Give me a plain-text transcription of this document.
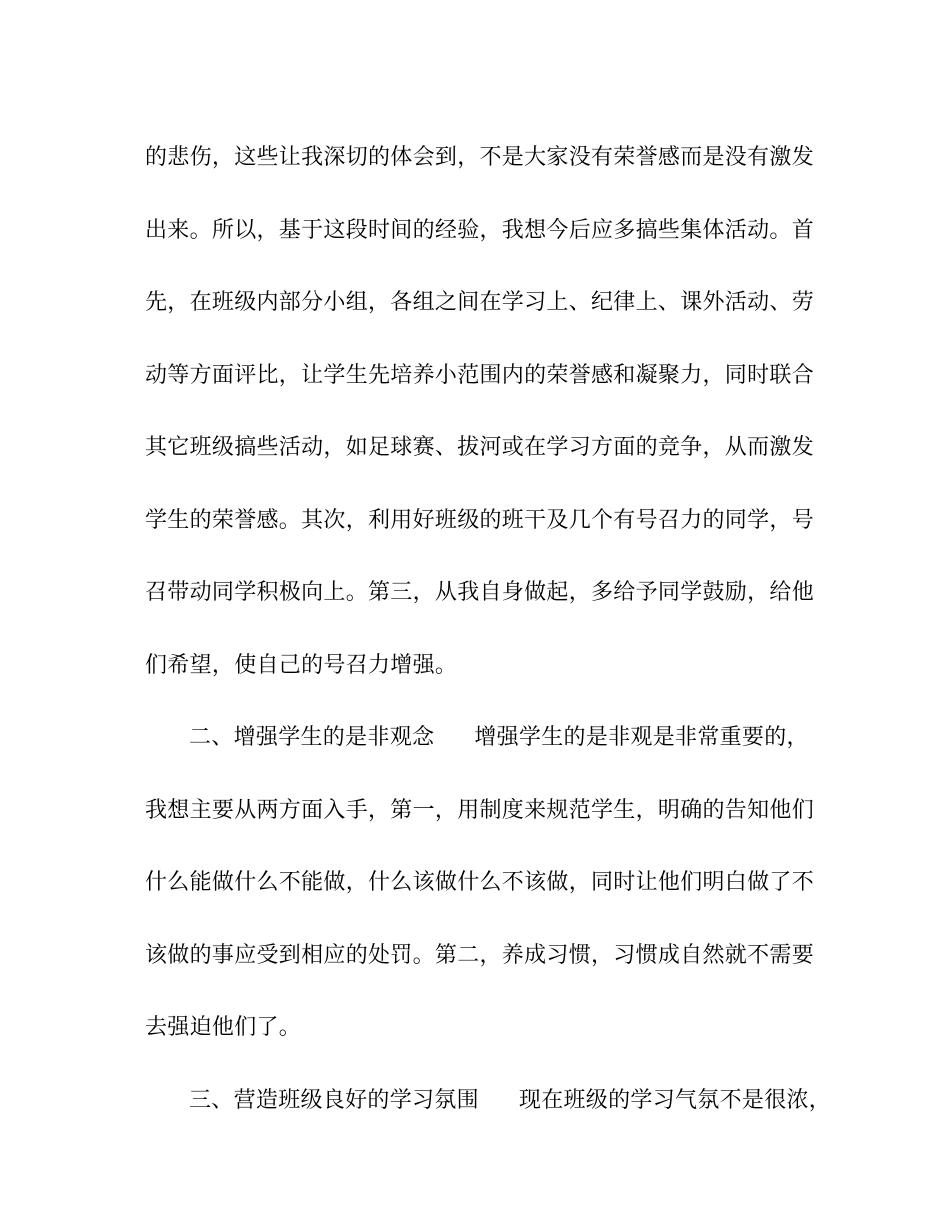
的悲伤，这些让我深切的体会到，不是大家没有荣誉感而是没有激发
出来。所以，基于这段时间的经验，我想今后应多搞些集体活动。首
先，在班级内部分小组，各组之间在学习上、纪律上、课外活动、劳
动等方面评比，让学生先培养小范围内的荣誉感和凝聚力，同时联合
其它班级搞些活动，如足球赛、拔河或在学习方面的竞争，从而激发
学生的荣誉感。其次，利用好班级的班干及几个有号召力的同学，号
召带动同学积极向上。第三，从我自身做起，多给予同学鼓励，给他
们希望，使自己的号召力增强。
二、增强学生的是非观念 增强学生的是非观是非常重要的，
我想主要从两方面入手，第一，用制度来规范学生，明确的告知他们
什么能做什么不能做，什么该做什么不该做，同时让他们明白做了不
该做的事应受到相应的处罚。第二，养成习惯，习惯成自然就不需要
去强迫他们了。
三、营造班级良好的学习氛围 现在班级的学习气氛不是很浓，
